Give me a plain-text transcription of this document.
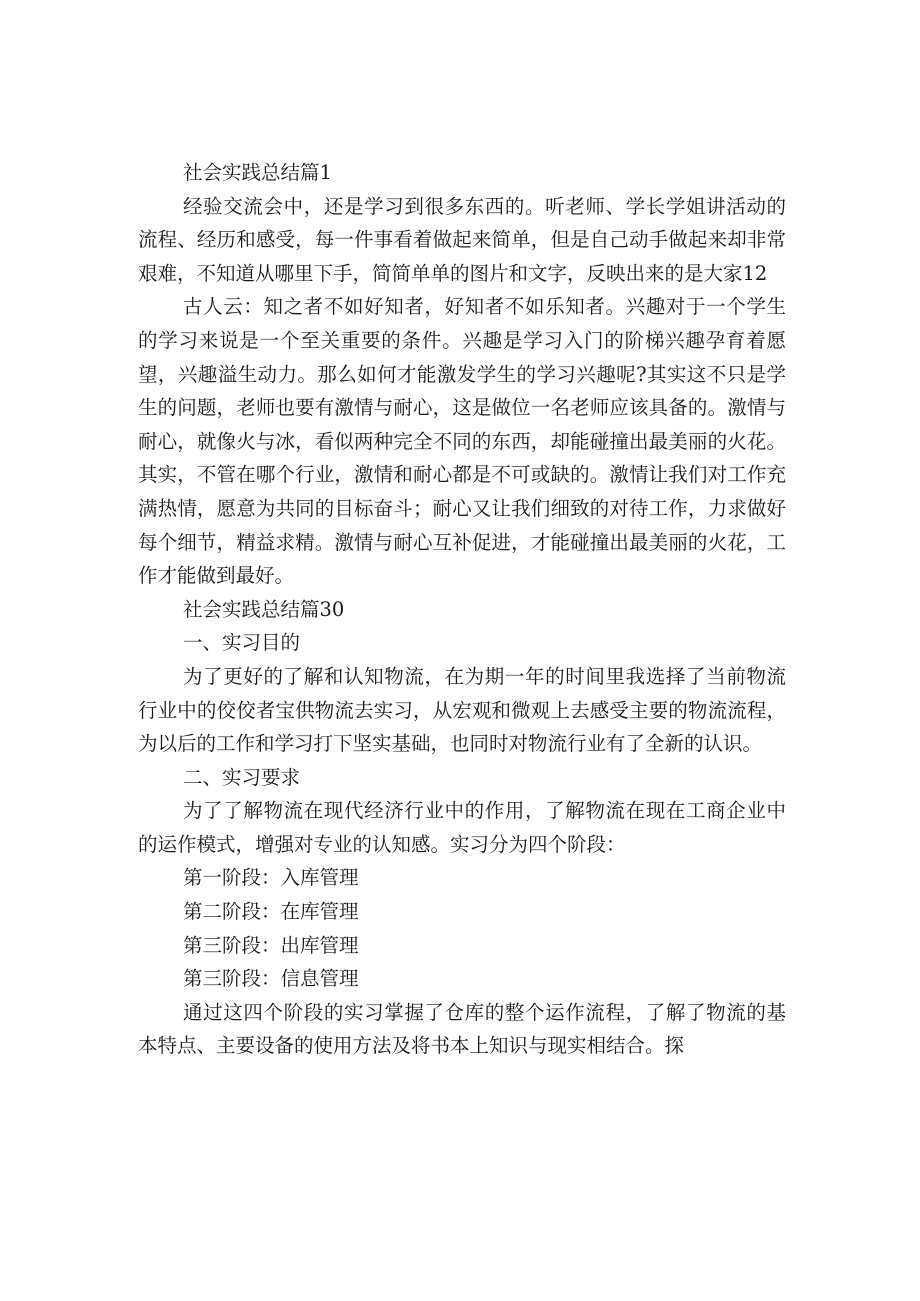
社会实践总结篇1

经验交流会中，还是学习到很多东西的。听老师、学长学姐讲活动的流程、经历和感受，每一件事看着做起来简单，但是自己动手做起来却非常艰难，不知道从哪里下手，简简单单的图片和文字，反映出来的是大家12

古人云：知之者不如好知者，好知者不如乐知者。兴趣对于一个学生的学习来说是一个至关重要的条件。兴趣是学习入门的阶梯兴趣孕育着愿望，兴趣溢生动力。那么如何才能激发学生的学习兴趣呢?其实这不只是学生的问题，老师也要有激情与耐心，这是做位一名老师应该具备的。激情与耐心，就像火与冰，看似两种完全不同的东西，却能碰撞出最美丽的火花。其实，不管在哪个行业，激情和耐心都是不可或缺的。激情让我们对工作充满热情，愿意为共同的目标奋斗；耐心又让我们细致的对待工作，力求做好每个细节，精益求精。激情与耐心互补促进，才能碰撞出最美丽的火花，工作才能做到最好。

社会实践总结篇30

一、实习目的

为了更好的了解和认知物流，在为期一年的时间里我选择了当前物流行业中的佼佼者宝供物流去实习，从宏观和微观上去感受主要的物流流程，为以后的工作和学习打下坚实基础，也同时对物流行业有了全新的认识。

二、实习要求

为了了解物流在现代经济行业中的作用，了解物流在现在工商企业中的运作模式，增强对专业的认知感。实习分为四个阶段：

第一阶段：入库管理

第二阶段：在库管理

第三阶段：出库管理

第三阶段：信息管理

通过这四个阶段的实习掌握了仓库的整个运作流程，了解了物流的基本特点、主要设备的使用方法及将书本上知识与现实相结合。探
